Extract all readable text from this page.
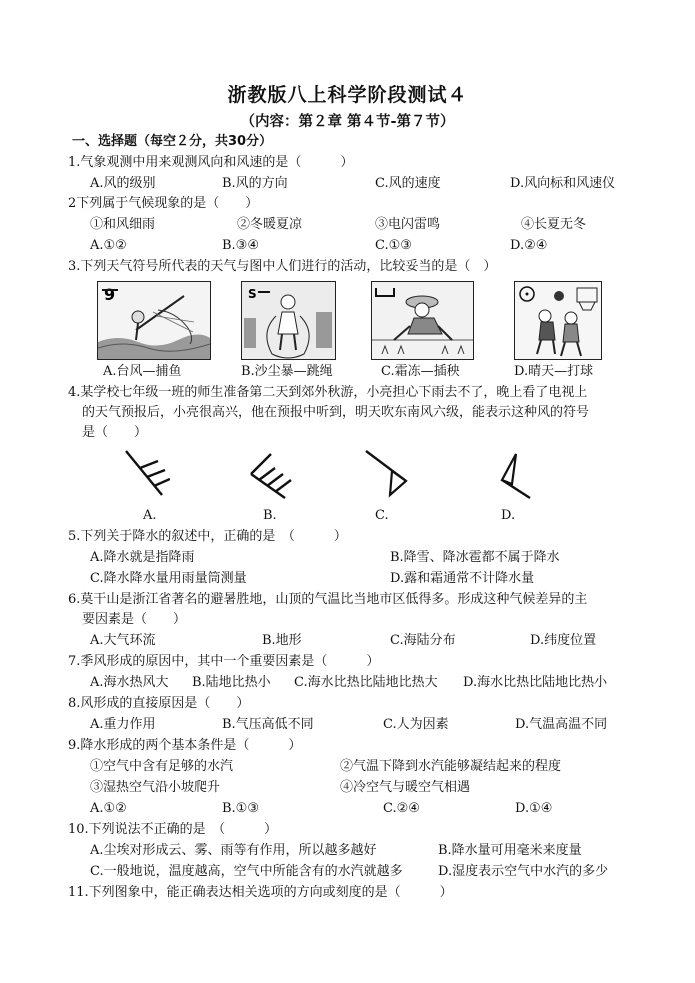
浙教版八上科学阶段测试４
（内容：第２章 第４节-第７节）
一、选择题（每空２分，共30分）
1.气象观测中用来观测风向和风速的是（　　　）
A.风的级别	B.风的方向	C.风的速度	D.风向标和风速仪
2下列属于气候现象的是（　　）
①和风细雨	②冬暖夏凉	③电闪雷鸣	④长夏无冬
A.①②	B.③④	C.①③	D.②④
3.下列天气符号所代表的天气与图中人们进行的活动，比较妥当的是（　）
9	S
A.台风—捕鱼	B.沙尘暴—跳绳	C.霜冻—插秧	D.晴天—打球
4.某学校七年级一班的师生准备第二天到郊外秋游，小亮担心下雨去不了，晚上看了电视上
的天气预报后，小亮很高兴，他在预报中听到，明天吹东南风六级，能表示这种风的符号
是（　　）
A.	B.	C.	D.
5.下列关于降水的叙述中，正确的是　（　　　）
A.降水就是指降雨	B.降雪、降冰雹都不属于降水
C.降水降水量用雨量筒测量	D.露和霜通常不计降水量
6.莫干山是浙江省著名的避暑胜地，山顶的气温比当地市区低得多。形成这种气候差异的主
要因素是（　　）
A.大气环流	B.地形	C.海陆分布	D.纬度位置
7.季风形成的原因中，其中一个重要因素是（　　　）
A.海水热风大 B.陆地比热小 C.海水比热比陆地比热大 D.海水比热比陆地比热小
8.风形成的直接原因是（　　）
A.重力作用	B.气压高低不同	C.人为因素	D.气温高温不同
9.降水形成的两个基本条件是（　　　）
①空气中含有足够的水汽	②气温下降到水汽能够凝结起来的程度
③湿热空气沿小坡爬升	④冷空气与暖空气相遇
A.①②	B.①③	C.②④	D.①④
10.下列说法不正确的是　（　　　）
A.尘埃对形成云、雾、雨等有作用，所以越多越好	B.降水量可用毫米来度量
C.一般地说，温度越高，空气中所能含有的水汽就越多	D.湿度表示空气中水汽的多少
11.下列图象中，能正确表达相关选项的方向或刻度的是（　　　）
